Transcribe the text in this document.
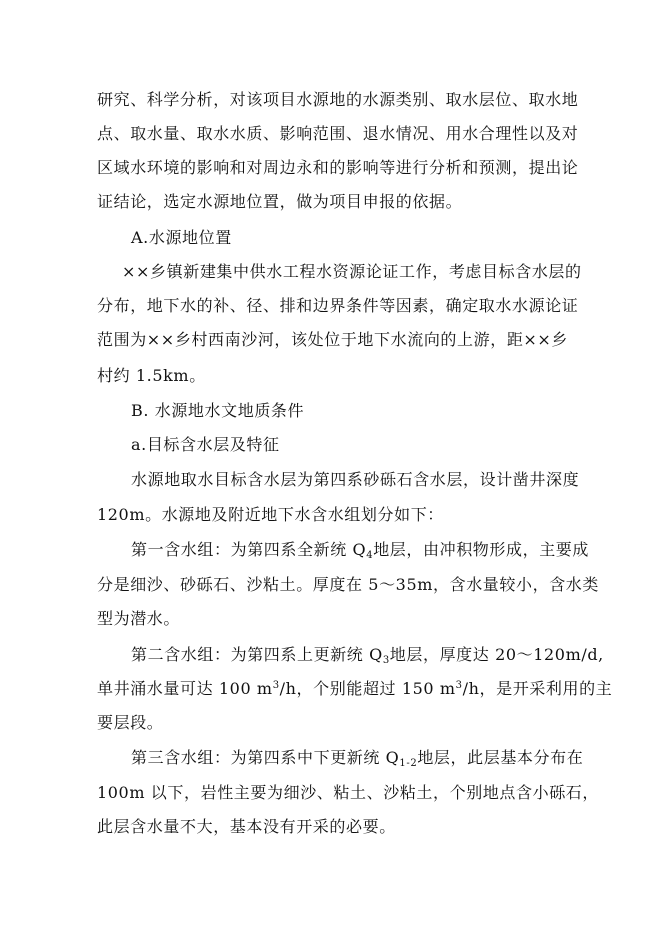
研究、科学分析，对该项目水源地的水源类别、取水层位、取水地
点、取水量、取水水质、影响范围、退水情况、用水合理性以及对
区域水环境的影响和对周边永和的影响等进行分析和预测，提出论
证结论，选定水源地位置，做为项目申报的依据。
A.水源地位置
××乡镇新建集中供水工程水资源论证工作，考虑目标含水层的
分布，地下水的补、径、排和边界条件等因素，确定取水水源论证
范围为××乡村西南沙河，该处位于地下水流向的上游，距××乡
村约 1.5km。
B. 水源地水文地质条件
a.目标含水层及特征
水源地取水目标含水层为第四系砂砾石含水层，设计凿井深度
120m。水源地及附近地下水含水组划分如下：
第一含水组：为第四系全新统 $Q_4$地层，由冲积物形成，主要成
分是细沙、砂砾石、沙粘土。厚度在 5～35m，含水量较小，含水类
型为潜水。
第二含水组：为第四系上更新统 $Q_3$地层，厚度达 20～120m/d,
单井涌水量可达 100 $m^3/h$，个别能超过 150 $m^3/h$，是开采利用的主
要层段。
第三含水组：为第四系中下更新统 $Q_{1-2}$地层，此层基本分布在
100m 以下，岩性主要为细沙、粘土、沙粘土，个别地点含小砾石，
此层含水量不大，基本没有开采的必要。
